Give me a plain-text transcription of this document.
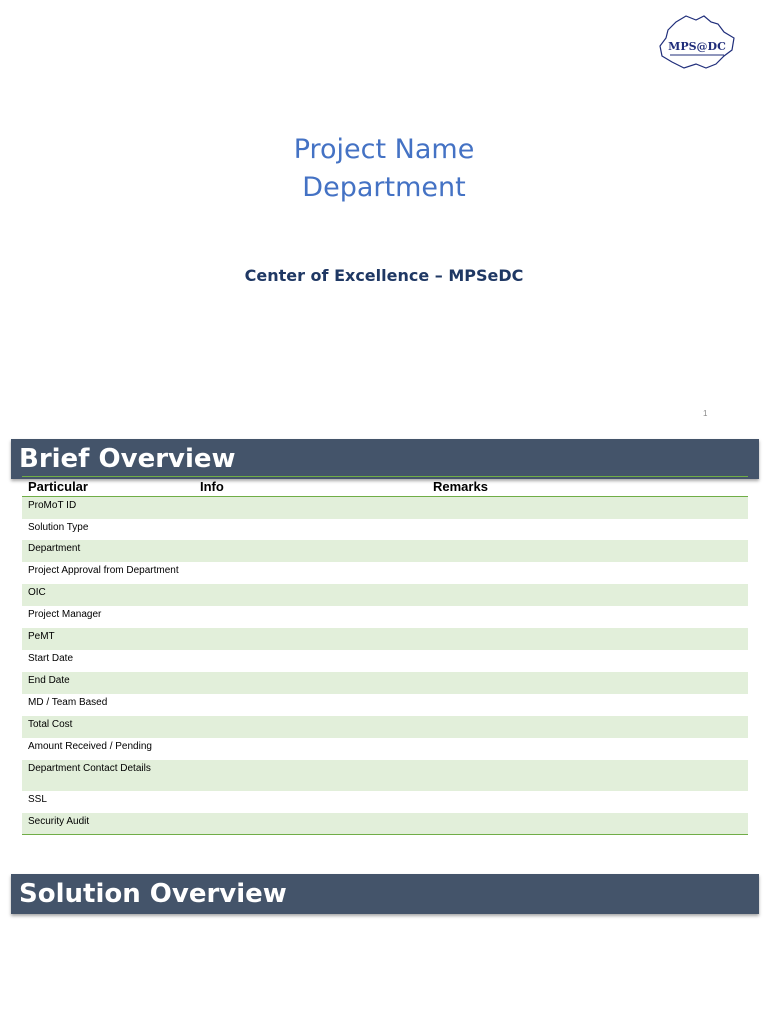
MPS@DC
Project Name
Department
Center of Excellence – MPSeDC
1
Brief Overview
Particular	Info	Remarks
ProMoT ID		
Solution Type		
Department		
Project Approval from Department		
OIC		
Project Manager		
PeMT		
Start Date		
End Date		
MD / Team Based		
Total Cost		
Amount Received / Pending		
Department Contact Details		
SSL		
Security Audit		
Solution Overview
